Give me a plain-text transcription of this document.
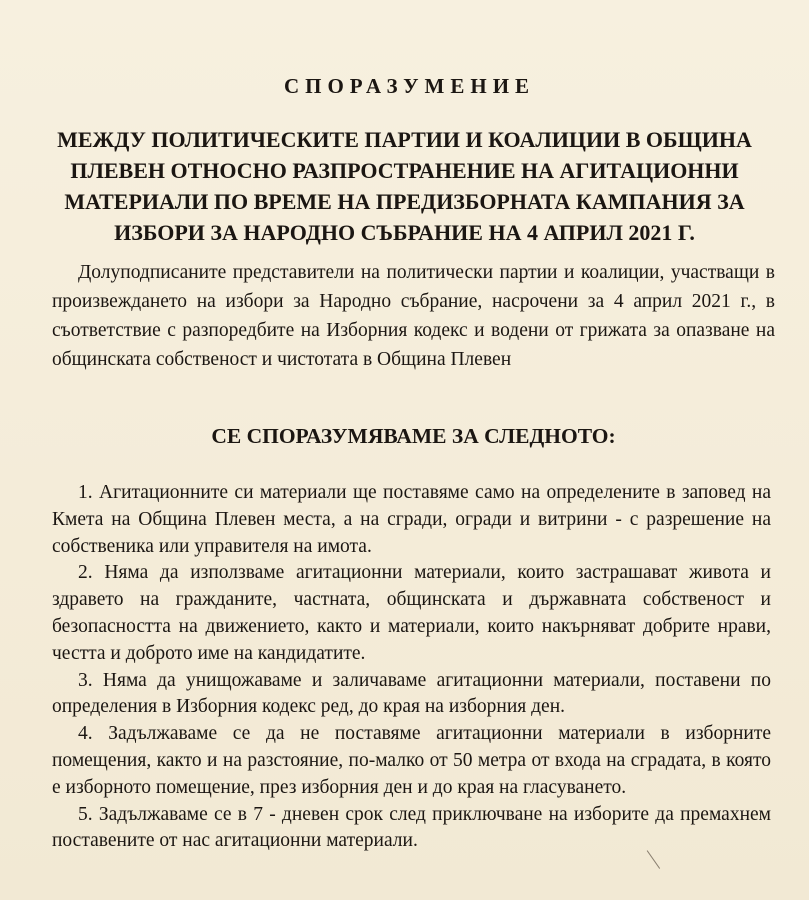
СПОРАЗУМЕНИЕ

МЕЖДУ ПОЛИТИЧЕСКИТЕ ПАРТИИ И КОАЛИЦИИ В ОБЩИНА ПЛЕВЕН ОТНОСНО РАЗПРОСТРАНЕНИЕ НА АГИТАЦИОННИ МАТЕРИАЛИ ПО ВРЕМЕ НА ПРЕДИЗБОРНАТА КАМПАНИЯ ЗА ИЗБОРИ ЗА НАРОДНО СЪБРАНИЕ НА 4 АПРИЛ 2021 Г.

Долуподписаните представители на политически партии и коалиции, участващи в произвеждането на избори за Народно събрание, насрочени за 4 април 2021 г., в съответствие с разпоредбите на Изборния кодекс и водени от грижата за опазване на общинската собственост и чистотата в Община Плевен

СЕ СПОРАЗУМЯВАМЕ ЗА СЛЕДНОТО:
1. Агитационните си материали ще поставяме само на определените в заповед на Кмета на Община Плевен места, а на сгради, огради и витрини - с разрешение на собственика или управителя на имота.
2. Няма да използваме агитационни материали, които застрашават живота и здравето на гражданите, частната, общинската и държавната собственост и безопасността на движението, както и материали, които накърняват добрите нрави, честта и доброто име на кандидатите.
3. Няма да унищожаваме и заличаваме агитационни материали, поставени по определения в Изборния кодекс ред, до края на изборния ден.
4. Задължаваме се да не поставяме агитационни материали в изборните помещения, както и на разстояние, по-малко от 50 метра от входа на сградата, в която е изборното помещение, през изборния ден и до края на гласуването.
5. Задължаваме се в 7 - дневен срок след приключване на изборите да премахнем поставените от нас агитационни материали.
